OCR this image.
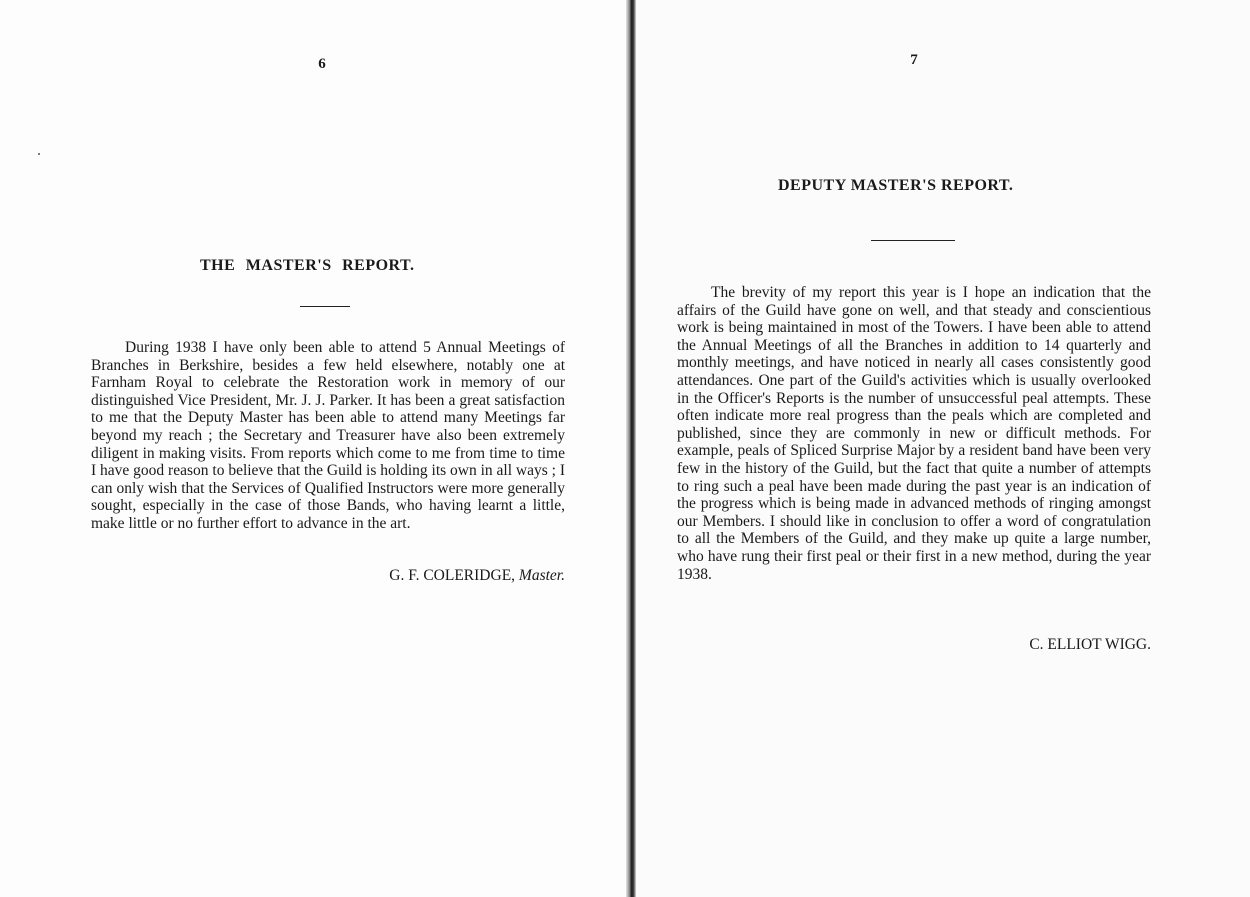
6
THE MASTER'S REPORT.

During 1938 I have only been able to attend 5 Annual Meetings of Branches in Berkshire, besides a few held elsewhere, notably one at Farnham Royal to celebrate the Restoration work in memory of our distinguished Vice President, Mr. J. J. Parker. It has been a great satisfaction to me that the Deputy Master has been able to attend many Meetings far beyond my reach ; the Secretary and Treasurer have also been extremely diligent in making visits. From reports which come to me from time to time I have good reason to believe that the Guild is holding its own in all ways ; I can only wish that the Services of Qualified Instructors were more generally sought, especially in the case of those Bands, who having learnt a little, make little or no further effort to advance in the art.

G. F. COLERIDGE, Master.
7
DEPUTY MASTER'S REPORT.

The brevity of my report this year is I hope an indication that the affairs of the Guild have gone on well, and that steady and conscientious work is being maintained in most of the Towers. I have been able to attend the Annual Meetings of all the Branches in addition to 14 quarterly and monthly meetings, and have noticed in nearly all cases consistently good attendances. One part of the Guild's activities which is usually overlooked in the Officer's Reports is the number of unsuccessful peal attempts. These often indicate more real progress than the peals which are completed and published, since they are commonly in new or difficult methods. For example, peals of Spliced Surprise Major by a resident band have been very few in the history of the Guild, but the fact that quite a number of attempts to ring such a peal have been made during the past year is an indication of the progress which is being made in advanced methods of ringing amongst our Members. I should like in conclusion to offer a word of congratulation to all the Members of the Guild, and they make up quite a large number, who have rung their first peal or their first in a new method, during the year 1938.

C. ELLIOT WIGG.
